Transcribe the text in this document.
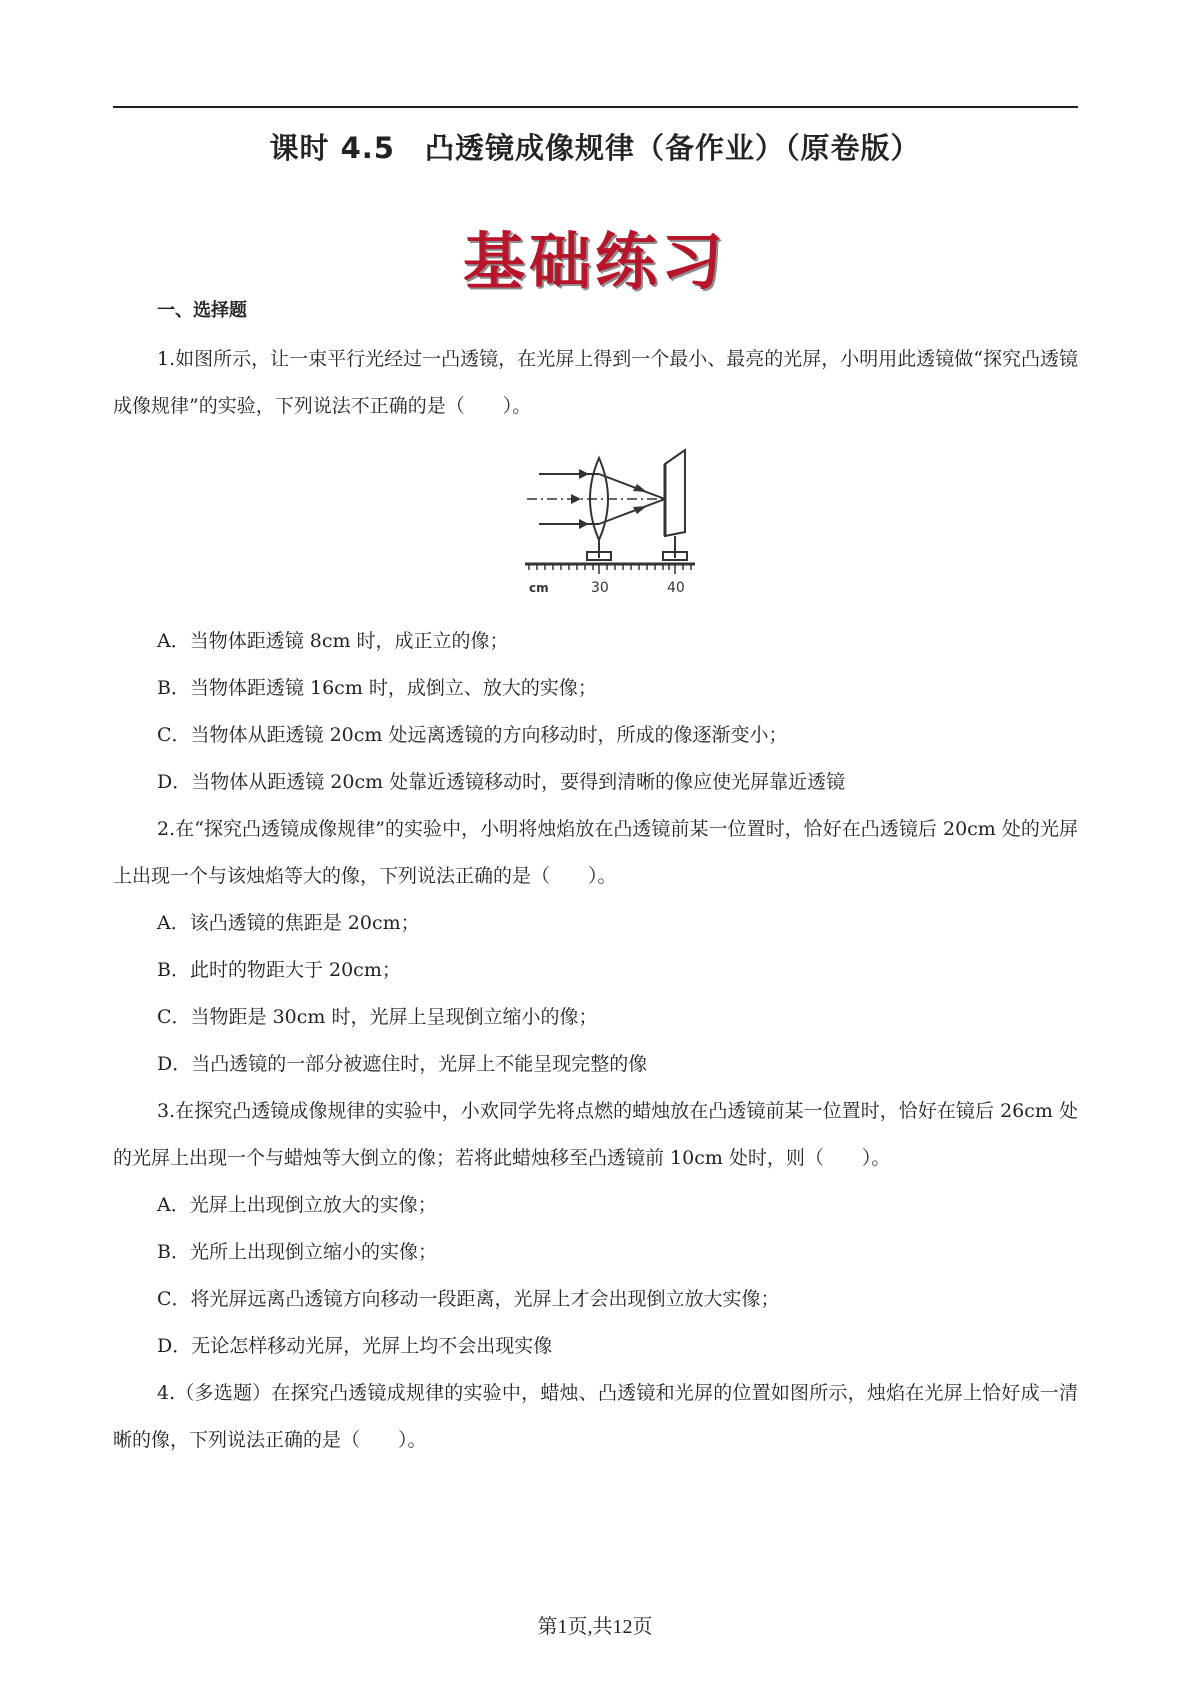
课时 4.5　凸透镜成像规律（备作业）（原卷版）
基础练习
一、选择题

1.如图所示，让一束平行光经过一凸透镜，在光屏上得到一个最小、最亮的光屏，小明用此透镜做“探究凸透镜成像规律”的实验，下列说法不正确的是（　　）。

cm	30	40

A．当物体距透镜 8cm 时，成正立的像；

B．当物体距透镜 16cm 时，成倒立、放大的实像；

C．当物体从距透镜 20cm 处远离透镜的方向移动时，所成的像逐渐变小；

D．当物体从距透镜 20cm 处靠近透镜移动时，要得到清晰的像应使光屏靠近透镜

2.在“探究凸透镜成像规律”的实验中，小明将烛焰放在凸透镜前某一位置时，恰好在凸透镜后 20cm 处的光屏上出现一个与该烛焰等大的像，下列说法正确的是（　　）。

A．该凸透镜的焦距是 20cm；

B．此时的物距大于 20cm；

C．当物距是 30cm 时，光屏上呈现倒立缩小的像；

D．当凸透镜的一部分被遮住时，光屏上不能呈现完整的像

3.在探究凸透镜成像规律的实验中，小欢同学先将点燃的蜡烛放在凸透镜前某一位置时，恰好在镜后 26cm 处的光屏上出现一个与蜡烛等大倒立的像；若将此蜡烛移至凸透镜前 10cm 处时，则（　　）。

A．光屏上出现倒立放大的实像；

B．光所上出现倒立缩小的实像；

C．将光屏远离凸透镜方向移动一段距离，光屏上才会出现倒立放大实像；

D．无论怎样移动光屏，光屏上均不会出现实像

4.（多选题）在探究凸透镜成规律的实验中，蜡烛、凸透镜和光屏的位置如图所示，烛焰在光屏上恰好成一清晰的像，下列说法正确的是（　　）。

第1页,共12页
